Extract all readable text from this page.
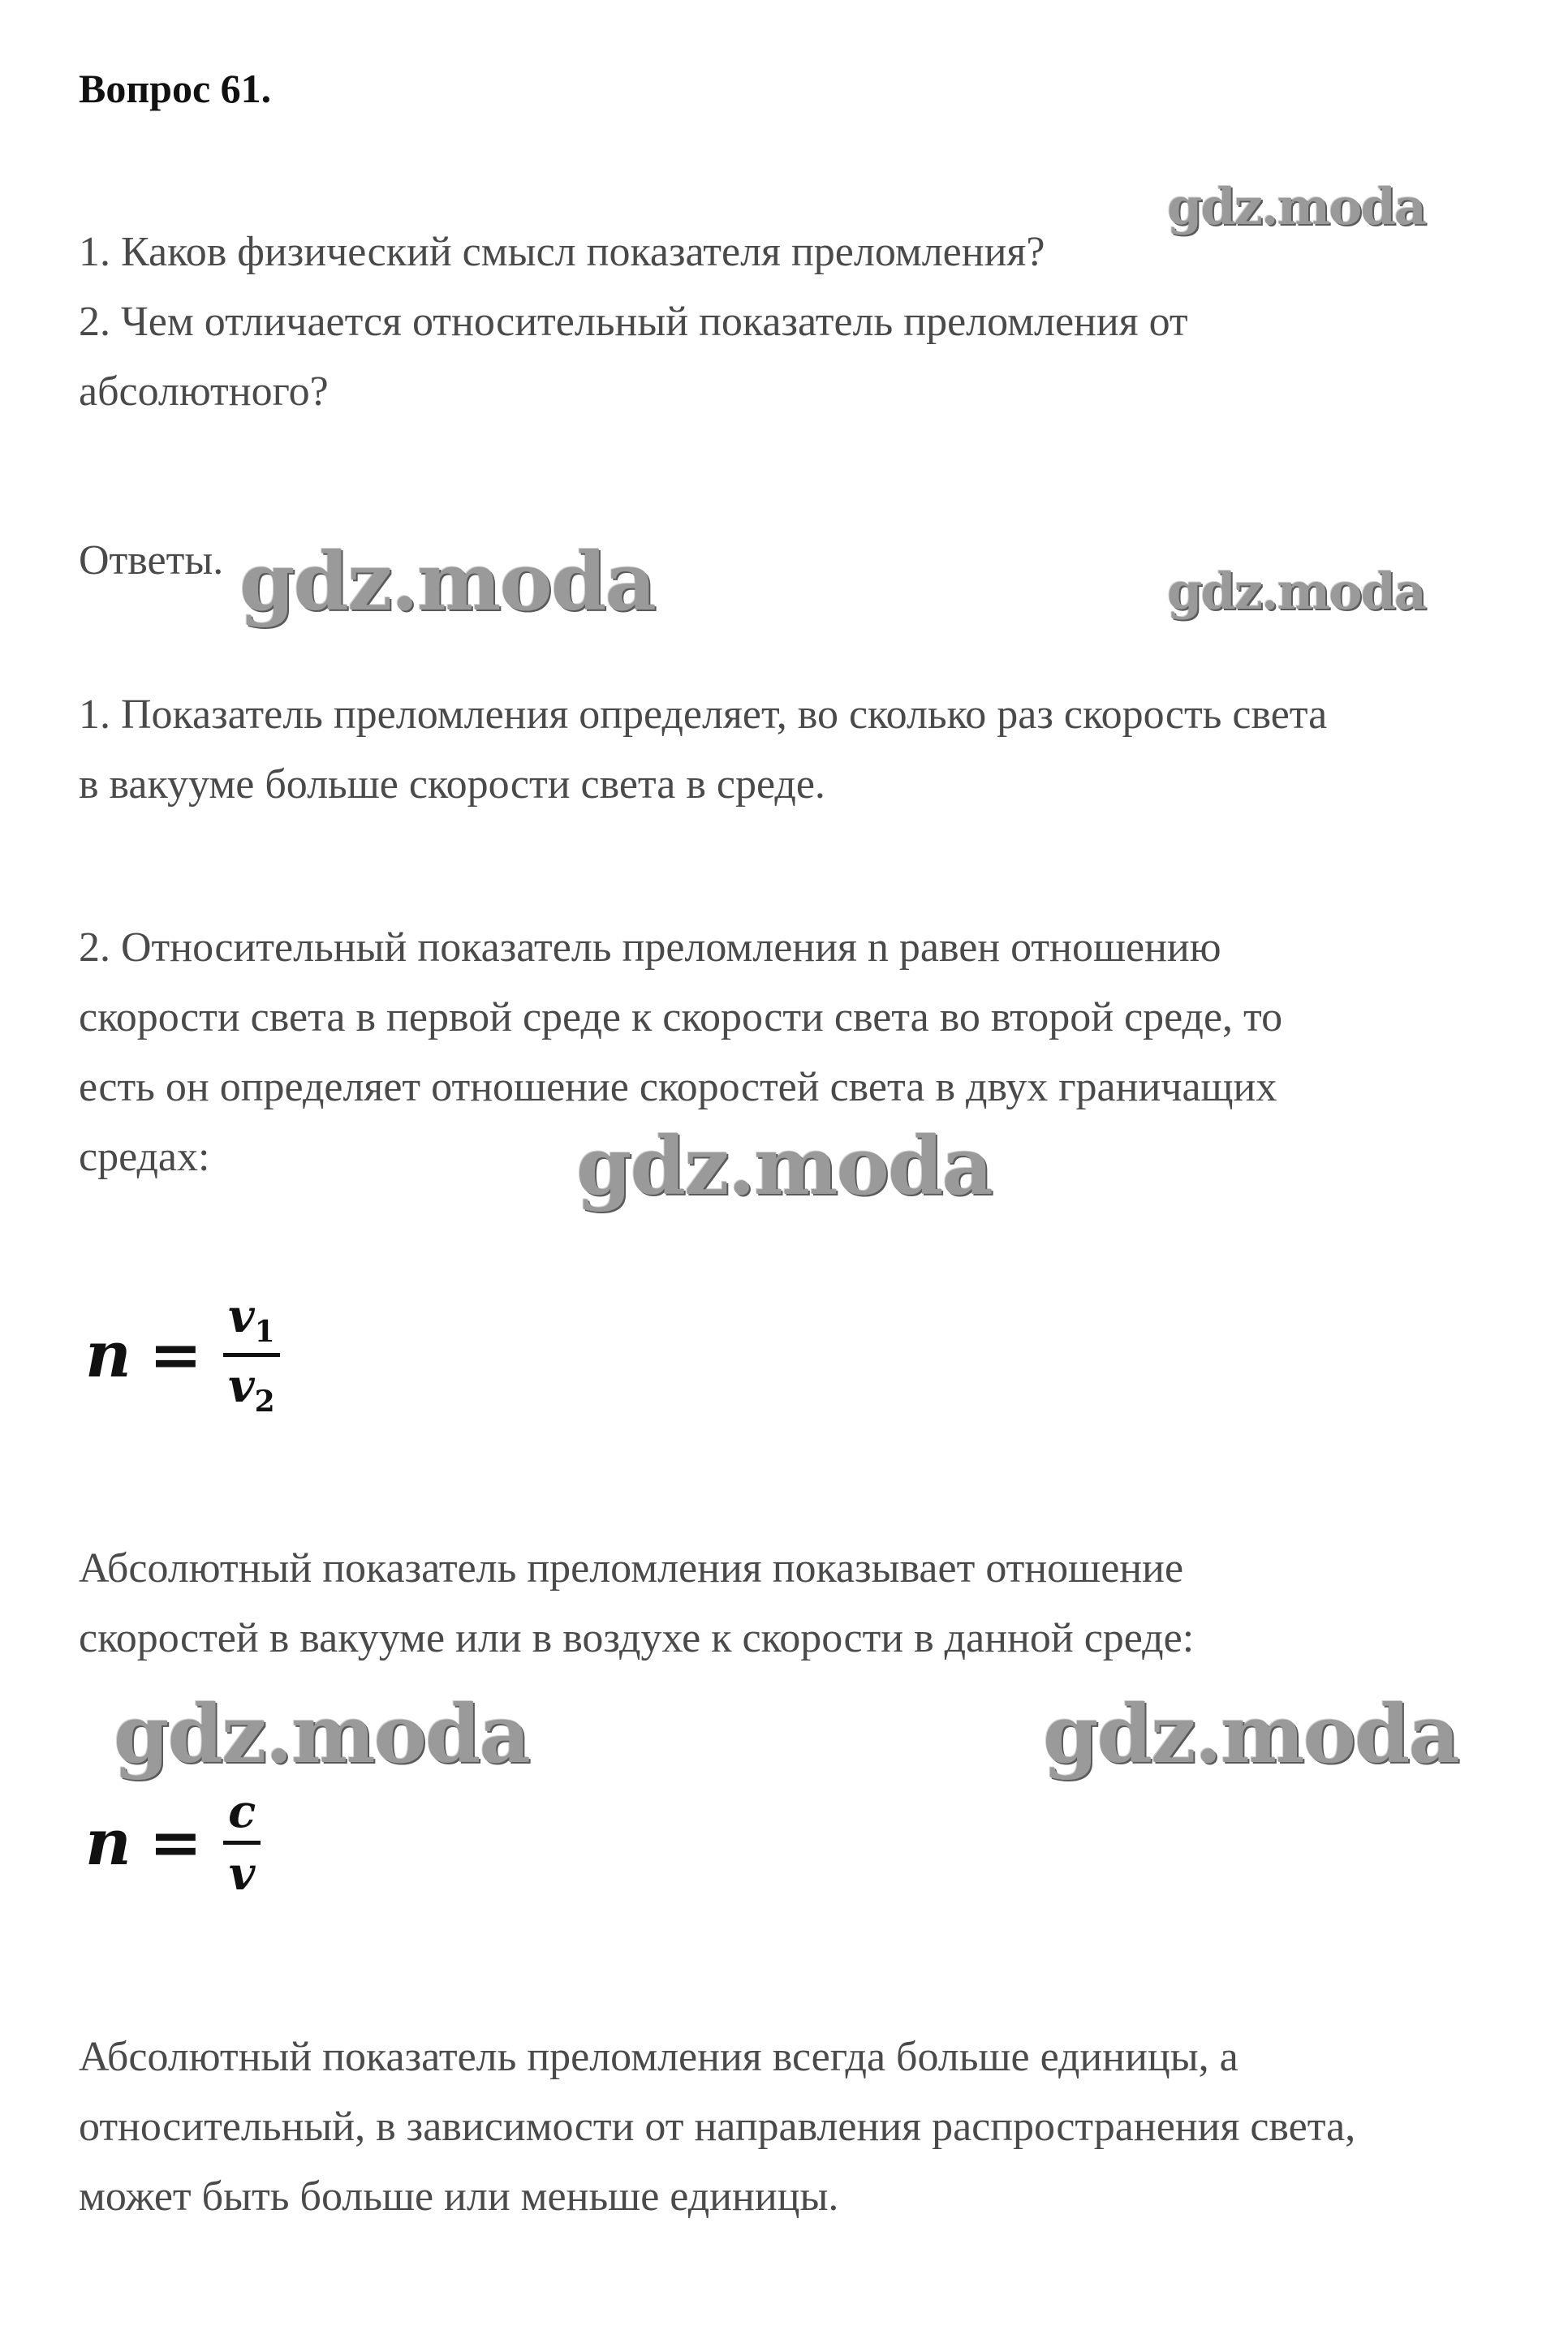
Вопрос 61.
gdz.moda

1. Каков физический смысл показателя преломления?
2. Чем отличается относительный показатель преломления от
абсолютного?

Ответы. gdz.moda	gdz.moda

1. Показатель преломления определяет, во сколько раз скорость света
в вакууме больше скорости света в среде.

2. Относительный показатель преломления n равен отношению
скорости света в первой среде к скорости света во второй среде, то
есть он определяет отношение скоростей света в двух граничащих
средах:	gdz.moda
n =
$v_1$
$v_2$

Абсолютный показатель преломления показывает отношение
скоростей в вакууме или в воздухе к скорости в данной среде:

gdz.moda	gdz.moda
n = c
v

Абсолютный показатель преломления всегда больше единицы, а
относительный, в зависимости от направления распространения света,
может быть больше или меньше единицы.
